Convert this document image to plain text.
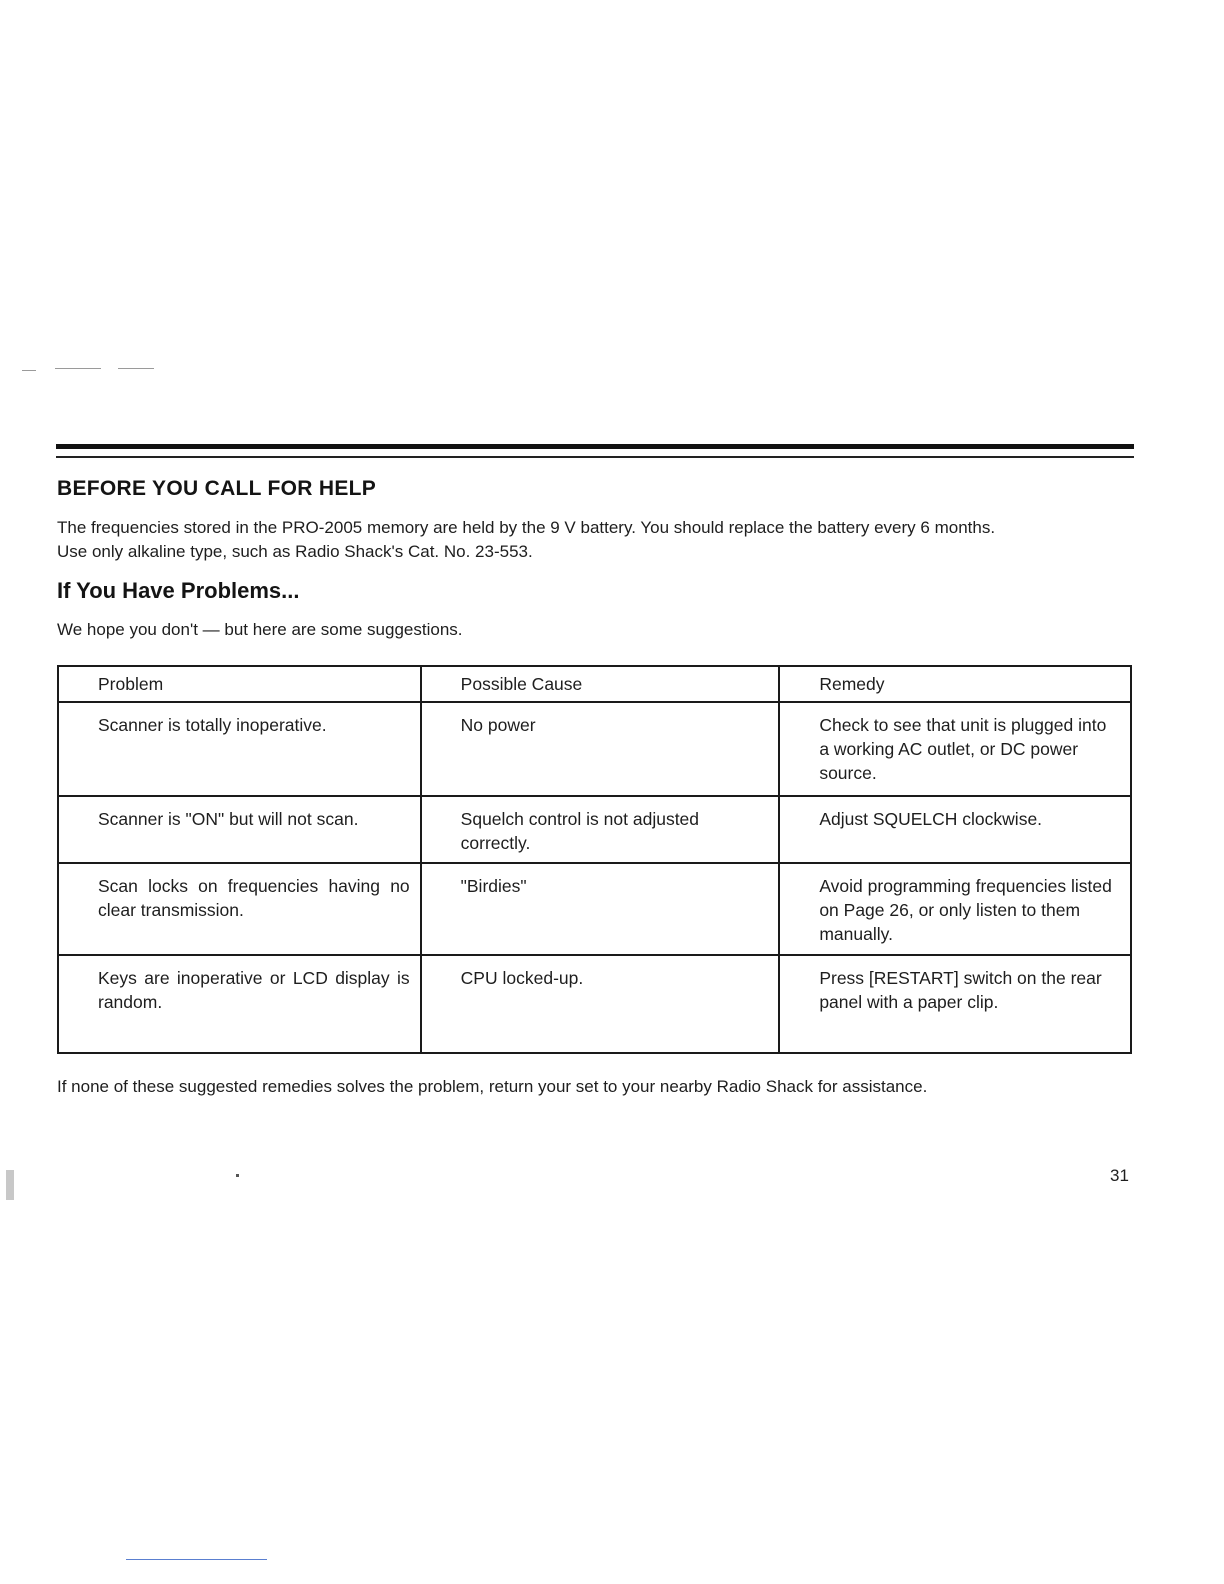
BEFORE YOU CALL FOR HELP

The frequencies stored in the PRO-2005 memory are held by the 9 V battery. You should replace the battery every 6 months.
Use only alkaline type, such as Radio Shack's Cat. No. 23-553.

If You Have Problems...

We hope you don't — but here are some suggestions.

Problem	Possible Cause	Remedy
Scanner is totally inoperative.	No power	Check to see that unit is plugged into a working AC outlet, or DC power source.
Scanner is "ON" but will not scan.	Squelch control is not adjusted correctly.	Adjust SQUELCH clockwise.
Scan locks on frequencies having no clear transmission.	"Birdies"	Avoid programming frequencies listed on Page 26, or only listen to them manually.
Keys are inoperative or LCD display is random.	CPU locked-up.	Press [RESTART] switch on the rear panel with a paper clip.

If none of these suggested remedies solves the problem, return your set to your nearby Radio Shack for assistance.

31
